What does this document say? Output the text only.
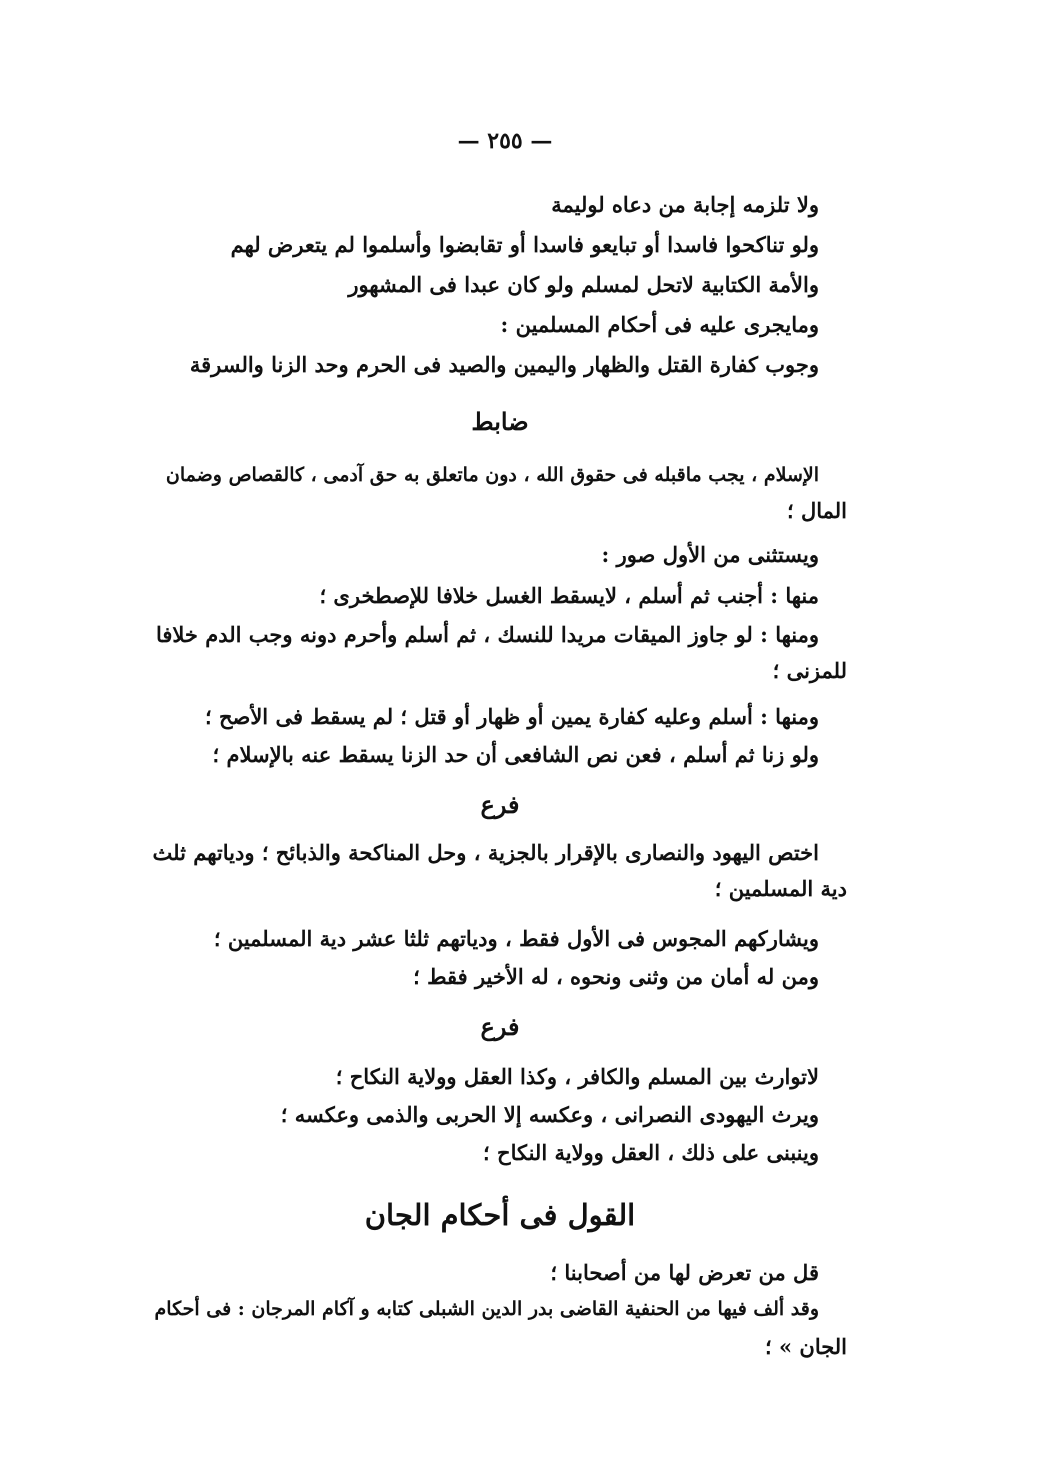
— ٢٥٥ —
ولا تلزمه إجابة من دعاه لوليمة
ولو تناكحوا فاسدا أو تبايعو فاسدا أو تقابضوا وأسلموا لم يتعرض لهم
والأمة الكتابية لاتحل لمسلم ولو كان عبدا فى المشهور
ومايجرى عليه فى أحكام المسلمين :
وجوب كفارة القتل والظهار واليمين والصيد فى الحرم وحد الزنا والسرقة
ضابط
الإسلام ، يجب ماقبله فى حقوق الله ، دون ماتعلق به حق آدمى ، كالقصاص وضمان
المال ؛
ويستثنى من الأول صور :
منها : أجنب ثم أسلم ، لايسقط الغسل خلافا للإصطخرى ؛
ومنها : لو جاوز الميقات مريدا للنسك ، ثم أسلم وأحرم دونه وجب الدم خلافا
للمزنى ؛
ومنها : أسلم وعليه كفارة يمين أو ظهار أو قتل ؛ لم يسقط فى الأصح ؛
ولو زنا ثم أسلم ، فعن نص الشافعى أن حد الزنا يسقط عنه بالإسلام ؛
فرع
اختص اليهود والنصارى بالإقرار بالجزية ، وحل المناكحة والذبائح ؛ ودياتهم ثلث
دية المسلمين ؛
ويشاركهم المجوس فى الأول فقط ، ودياتهم ثلثا عشر دية المسلمين ؛
ومن له أمان من وثنى ونحوه ، له الأخير فقط ؛
فرع
لاتوارث بين المسلم والكافر ، وكذا العقل وولاية النكاح ؛
ويرث اليهودى النصرانى ، وعكسه إلا الحربى والذمى وعكسه ؛
وينبنى على ذلك ، العقل وولاية النكاح ؛
القول فى أحكام الجان
قل من تعرض لها من أصحابنا ؛
وقد ألف فيها من الحنفية القاضى بدر الدين الشبلى كتابه و آكام المرجان : فى أحكام
الجان » ؛
